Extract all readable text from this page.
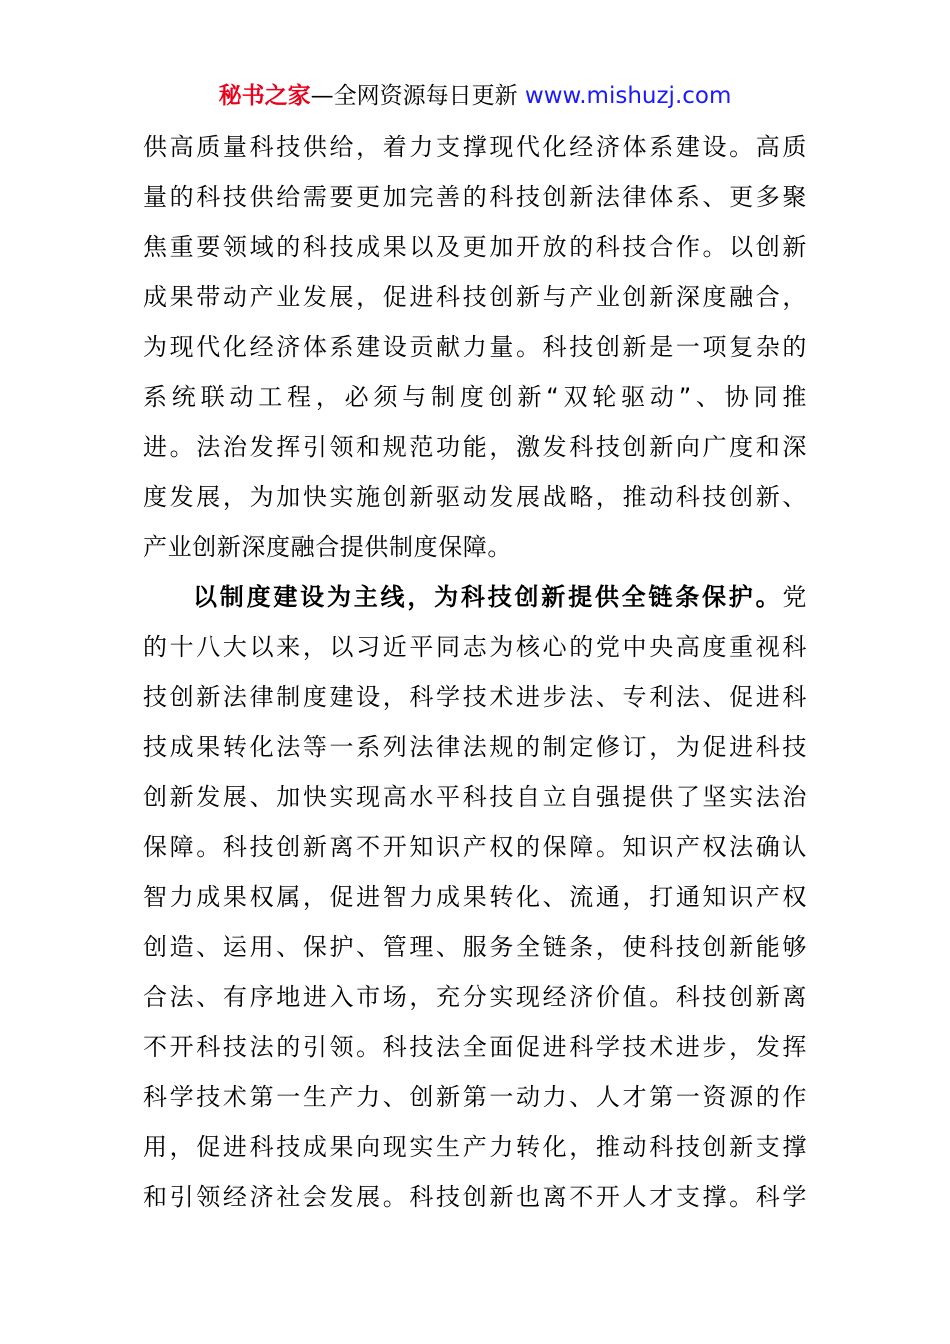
秘书之家—全网资源每日更新 www.mishuzj.com
供高质量科技供给，着力支撑现代化经济体系建设。高质
量的科技供给需要更加完善的科技创新法律体系、更多聚
焦重要领域的科技成果以及更加开放的科技合作。以创新
成果带动产业发展，促进科技创新与产业创新深度融合，
为现代化经济体系建设贡献力量。科技创新是一项复杂的
系统联动工程，必须与制度创新“双轮驱动”、协同推
进。法治发挥引领和规范功能，激发科技创新向广度和深
度发展，为加快实施创新驱动发展战略，推动科技创新、
产业创新深度融合提供制度保障。
以制度建设为主线，为科技创新提供全链条保护。党
的十八大以来，以习近平同志为核心的党中央高度重视科
技创新法律制度建设，科学技术进步法、专利法、促进科
技成果转化法等一系列法律法规的制定修订，为促进科技
创新发展、加快实现高水平科技自立自强提供了坚实法治
保障。科技创新离不开知识产权的保障。知识产权法确认
智力成果权属，促进智力成果转化、流通，打通知识产权
创造、运用、保护、管理、服务全链条，使科技创新能够
合法、有序地进入市场，充分实现经济价值。科技创新离
不开科技法的引领。科技法全面促进科学技术进步，发挥
科学技术第一生产力、创新第一动力、人才第一资源的作
用，促进科技成果向现实生产力转化，推动科技创新支撑
和引领经济社会发展。科技创新也离不开人才支撑。科学
